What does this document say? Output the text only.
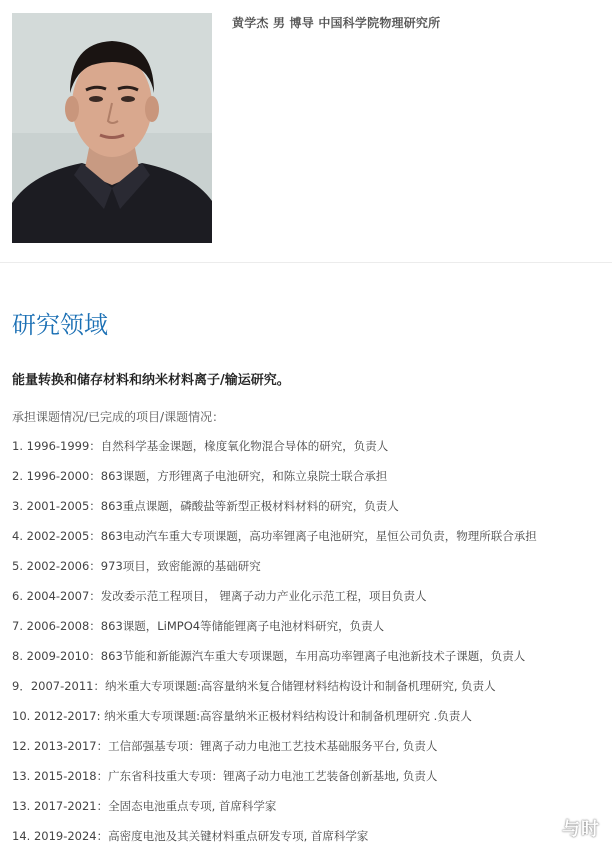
黄学杰 男 博导 中国科学院物理研究所
研究领域
能量转换和储存材料和纳米材料离子/输运研究。
承担课题情况/已完成的项目/课题情况：
1. 1996-1999：自然科学基金课题，椽度氧化物混合导体的研究，负责人
2. 1996-2000：863课题，方形锂离子电池研究，和陈立泉院士联合承担
3. 2001-2005：863重点课题，磷酸盐等新型正极材料材料的研究，负责人
4. 2002-2005：863电动汽车重大专项课题，高功率锂离子电池研究，星恒公司负责，物理所联合承担
5. 2002-2006：973项目，致密能源的基础研究
6. 2004-2007：发改委示范工程项目， 锂离子动力产业化示范工程，项目负责人
7. 2006-2008：863课题，LiMPO4等储能锂离子电池材料研究，负责人
8. 2009-2010：863节能和新能源汽车重大专项课题，车用高功率锂离子电池新技术子课题，负责人
9．2007-2011：纳米重大专项课题:高容量纳米复合储锂材料结构设计和制备机理研究, 负责人
10. 2012-2017: 纳米重大专项课题:高容量纳米正极材料结构设计和制备机理研究 .负责人
12. 2013-2017：工信部强基专项：锂离子动力电池工艺技术基础服务平台, 负责人
13. 2015-2018：广东省科技重大专项：锂离子动力电池工艺装备创新基地, 负责人
13. 2017-2021：全固态电池重点专项, 首席科学家
14. 2019-2024：高密度电池及其关键材料重点研发专项, 首席科学家	与时
